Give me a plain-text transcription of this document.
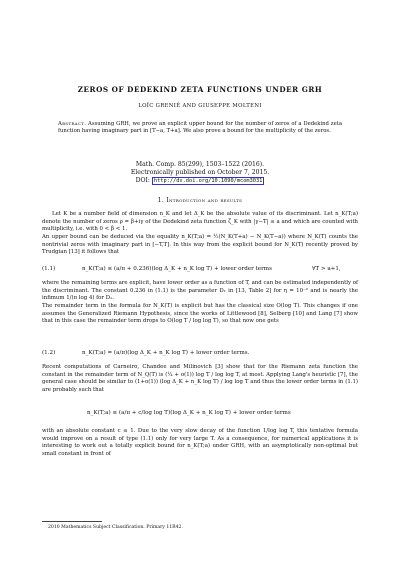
ZEROS OF DEDEKIND ZETA FUNCTIONS UNDER GRH
LOÏC GRENIÉ AND GIUSEPPE MOLTENI
Abstract. Assuming GRH, we prove an explicit upper bound for the number of zeros of a Dedekind zeta function having imaginary part in [T−a, T+a]. We also prove a bound for the multiplicity of the zeros.
Math. Comp. 85(299), 1503–1522 (2016).
Electronically published on October 7, 2015.
DOI: http://dx.doi.org/10.1090/mcom3031
1. Introduction and results
Let K be a number field of dimension n_K and let Δ_K be the absolute value of its discriminant. Let n_K(T;a) denote the number of zeros ρ = β+iγ of the Dedekind zeta function ζ_K with |γ−T| ≤ a and which are counted with multiplicity, i.e. with 0 < β < 1.
An upper bound can be deduced via the equality n_K(T;a) = ½(N_K(T+a) − N_K(T−a)) where N_K(T) counts the nontrivial zeros with imaginary part in [−T,T]. In this way from the explicit bound for N_K(T) recently proved by Trudgian [13] it follows that
(1.1)	n_K(T;a) ≤ (a/π + 0.236)(log Δ_K + n_K log T) + lower order terms	∀T > a+1,
where the remaining terms are explicit, have lower order as a function of T, and can be estimated independently of the discriminant. The constant 0.236 in (1.1) is the parameter D₁ in [13, Table 2] for η = 10⁻² and is nearly the infimum 1/(π log 4) for D₁.
The remainder term in the formula for N_K(T) is explicit but has the classical size O(log T). This changes if one assumes the Generalized Riemann Hypothesis, since the works of Littlewood [8], Selberg [10] and Lang [7] show that in this case the remainder term drops to O(log T / log log T), so that now one gets
(1.2)	n_K(T;a) = (a/π)(log Δ_K + n_K log T) + lower order terms.
Recent computations of Carneiro, Chandee and Milinovich [3] show that for the Riemann zeta function the constant in the remainder term of N_Q(T) is (¼ + o(1)) log T / log log T, at most. Applying Lang's heuristic [7], the general case should be similar to (1+o(1)) (log Δ_K + n_K log T) / log log T and thus the lower order terms in (1.1) are probably such that
n_K(T;a) ≤ (a/π + c/log log T)(log Δ_K + n_K log T) + lower order terms
with an absolute constant c ≤ 1. Due to the very slow decay of the function 1/log log T, this tentative formula would improve on a result of type (1.1) only for very large T. As a consequence, for numerical applications it is interesting to work out a totally explicit bound for n_K(T;a) under GRH, with an asymptotically non-optimal but small constant in front of
2010 Mathematics Subject Classification. Primary 11R42.
